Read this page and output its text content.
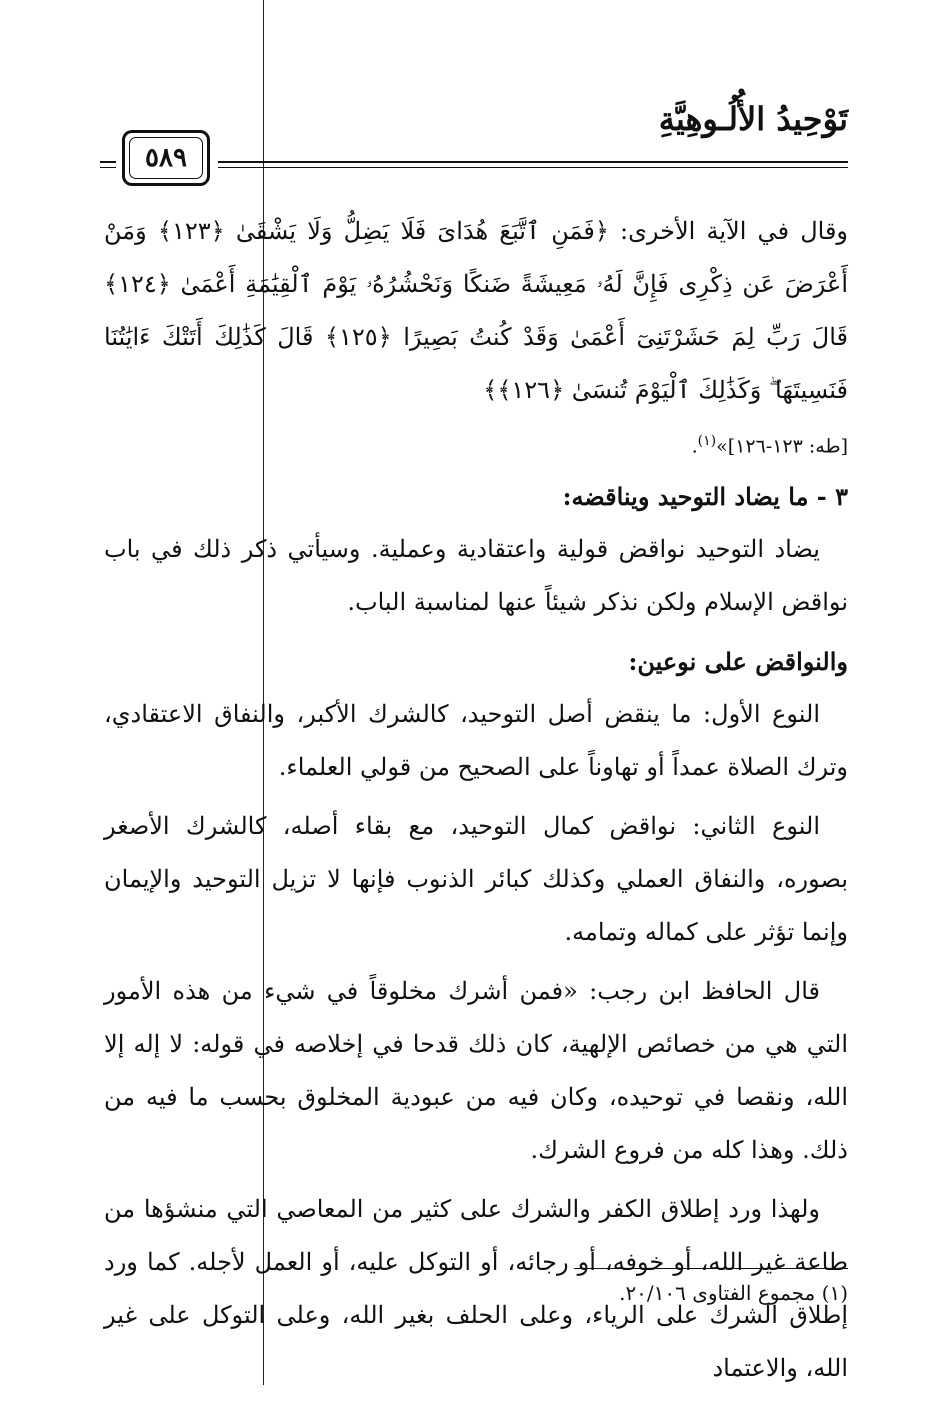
تَوْحِيدُ الأُلُـوهِيَّةِ
٥٨٩

وقال في الآية الأخرى: ﴿فَمَنِ ٱتَّبَعَ هُدَاىَ فَلَا يَضِلُّ وَلَا يَشْقَىٰ ﴿١٢٣﴾ وَمَنْ أَعْرَضَ عَن ذِكْرِى فَإِنَّ لَهُۥ مَعِيشَةً ضَنكًا وَنَحْشُرُهُۥ يَوْمَ ٱلْقِيَٰمَةِ أَعْمَىٰ ﴿١٢٤﴾ قَالَ رَبِّ لِمَ حَشَرْتَنِىٓ أَعْمَىٰ وَقَدْ كُنتُ بَصِيرًا ﴿١٢٥﴾ قَالَ كَذَٰلِكَ أَتَتْكَ ءَايَٰتُنَا فَنَسِيتَهَا ۖ وَكَذَٰلِكَ ٱلْيَوْمَ تُنسَىٰ ﴿١٢٦﴾﴾

[طه: ١٢٣-١٢٦]»$^{(١)}$.

٣ - ما يضاد التوحيد ويناقضه:

يضاد التوحيد نواقض قولية واعتقادية وعملية. وسيأتي ذكر ذلك في باب نواقض الإسلام ولكن نذكر شيئاً عنها لمناسبة الباب.

والنواقض على نوعين:

النوع الأول: ما ينقض أصل التوحيد، كالشرك الأكبر، والنفاق الاعتقادي، وترك الصلاة عمداً أو تهاوناً على الصحيح من قولي العلماء.

النوع الثاني: نواقض كمال التوحيد، مع بقاء أصله، كالشرك الأصغر بصوره، والنفاق العملي وكذلك كبائر الذنوب فإنها لا تزيل التوحيد والإيمان وإنما تؤثر على كماله وتمامه.

قال الحافظ ابن رجب: «فمن أشرك مخلوقاً في شيء من هذه الأمور التي هي من خصائص الإلهية، كان ذلك قدحا في إخلاصه في قوله: لا إله إلا الله، ونقصا في توحيده، وكان فيه من عبودية المخلوق بحسب ما فيه من ذلك. وهذا كله من فروع الشرك.

ولهذا ورد إطلاق الكفر والشرك على كثير من المعاصي التي منشؤها من طاعة غير الله، أو خوفه، أو رجائه، أو التوكل عليه، أو العمل لأجله. كما ورد إطلاق الشرك على الرياء، وعلى الحلف بغير الله، وعلى التوكل على غير الله، والاعتماد

(١) مجموع الفتاوى ٢٠/١٠٦.
